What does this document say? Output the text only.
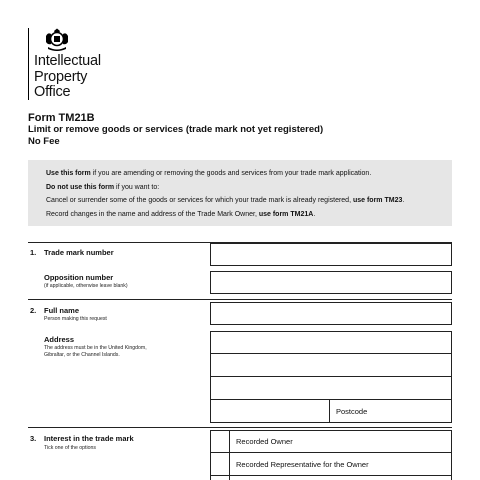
Intellectual
Property
Office
Form TM21B
Limit or remove goods or services (trade mark not yet registered)
No Fee

Use this form if you are amending or removing the goods and services from your trade mark application.

Do not use this form if you want to:

Cancel or surrender some of the goods or services for which your trade mark is already registered, use form TM23.

Record changes in the name and address of the Trade Mark Owner, use form TM21A.

1. Trade mark number
Opposition number
(if applicable, otherwise leave blank)
2. Full name
Person making this request
Address
The address must be in the United Kingdom,
Gibraltar, or the Channel Islands.
Postcode
3. Interest in the trade mark
Tick one of the options
Recorded Owner
Recorded Representative for the Owner
